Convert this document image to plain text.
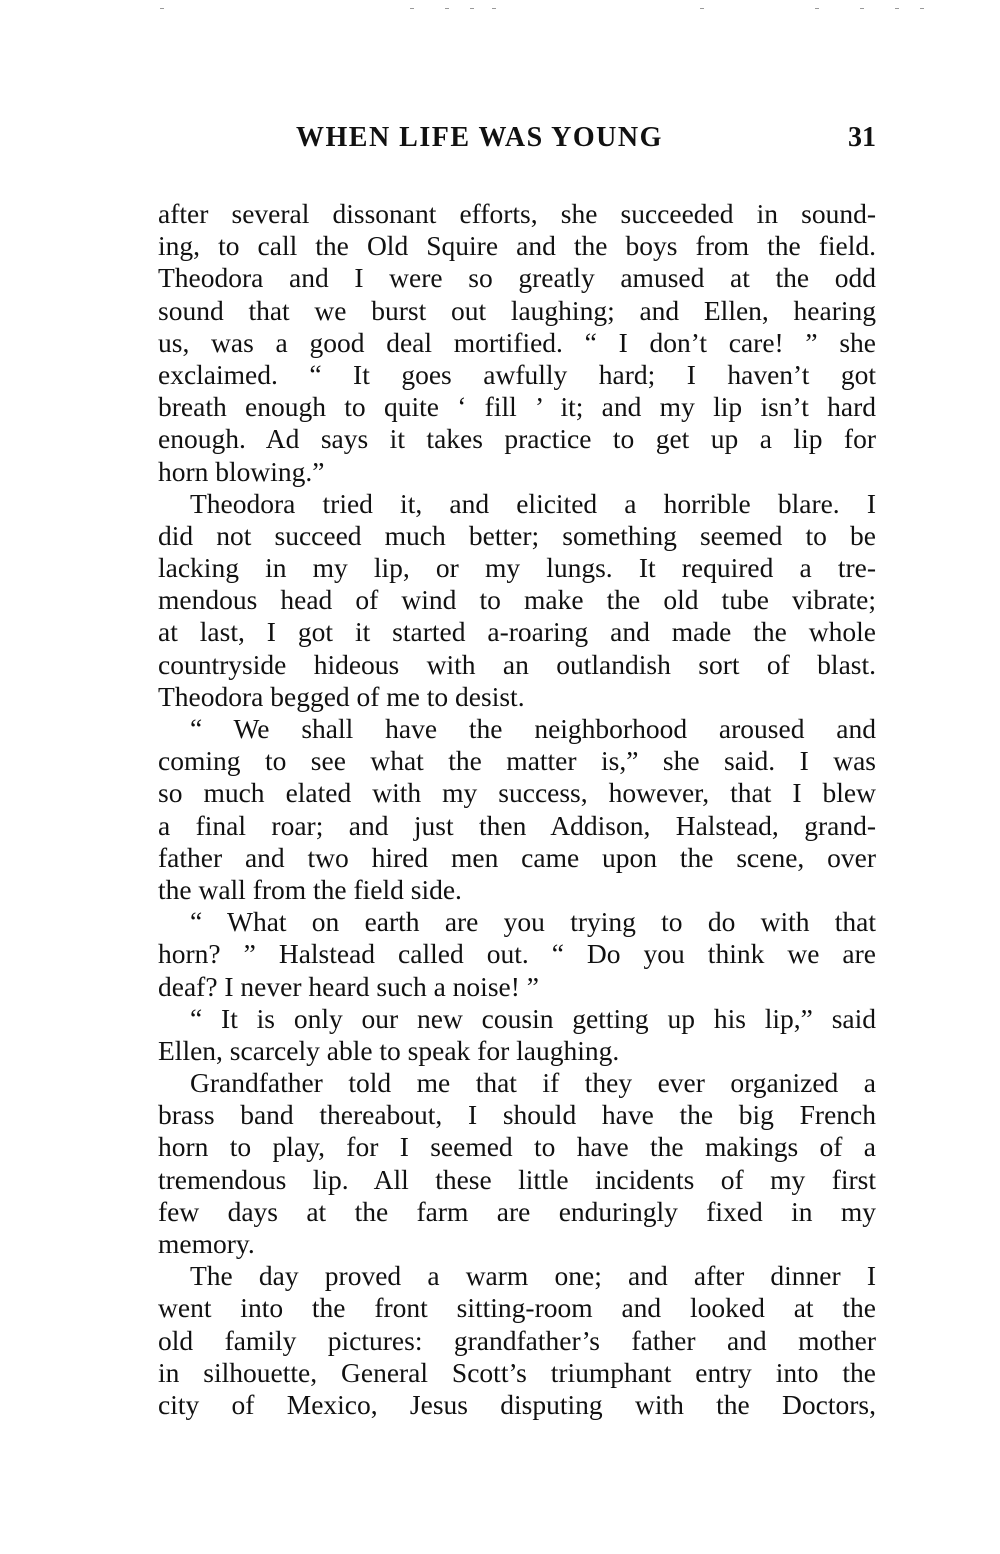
WHEN LIFE WAS YOUNG	31
after several dissonant efforts, she succeeded in sound-
ing, to call the Old Squire and the boys from the field.
Theodora and I were so greatly amused at the odd
sound that we burst out laughing; and Ellen, hearing
us, was a good deal mortified. “ I don’t care! ” she
exclaimed. “ It goes awfully hard; I haven’t got
breath enough to quite ‘ fill ’ it; and my lip isn’t hard
enough. Ad says it takes practice to get up a lip for
horn blowing.”
Theodora tried it, and elicited a horrible blare. I
did not succeed much better; something seemed to be
lacking in my lip, or my lungs. It required a tre-
mendous head of wind to make the old tube vibrate;
at last, I got it started a-roaring and made the whole
countryside hideous with an outlandish sort of blast.
Theodora begged of me to desist.
“ We shall have the neighborhood aroused and
coming to see what the matter is,” she said. I was
so much elated with my success, however, that I blew
a final roar; and just then Addison, Halstead, grand-
father and two hired men came upon the scene, over
the wall from the field side.
“ What on earth are you trying to do with that
horn? ” Halstead called out. “ Do you think we are
deaf? I never heard such a noise! ”
“ It is only our new cousin getting up his lip,” said
Ellen, scarcely able to speak for laughing.
Grandfather told me that if they ever organized a
brass band thereabout, I should have the big French
horn to play, for I seemed to have the makings of a
tremendous lip. All these little incidents of my first
few days at the farm are enduringly fixed in my
memory.
The day proved a warm one; and after dinner I
went into the front sitting-room and looked at the
old family pictures: grandfather’s father and mother
in silhouette, General Scott’s triumphant entry into the
city of Mexico, Jesus disputing with the Doctors,
